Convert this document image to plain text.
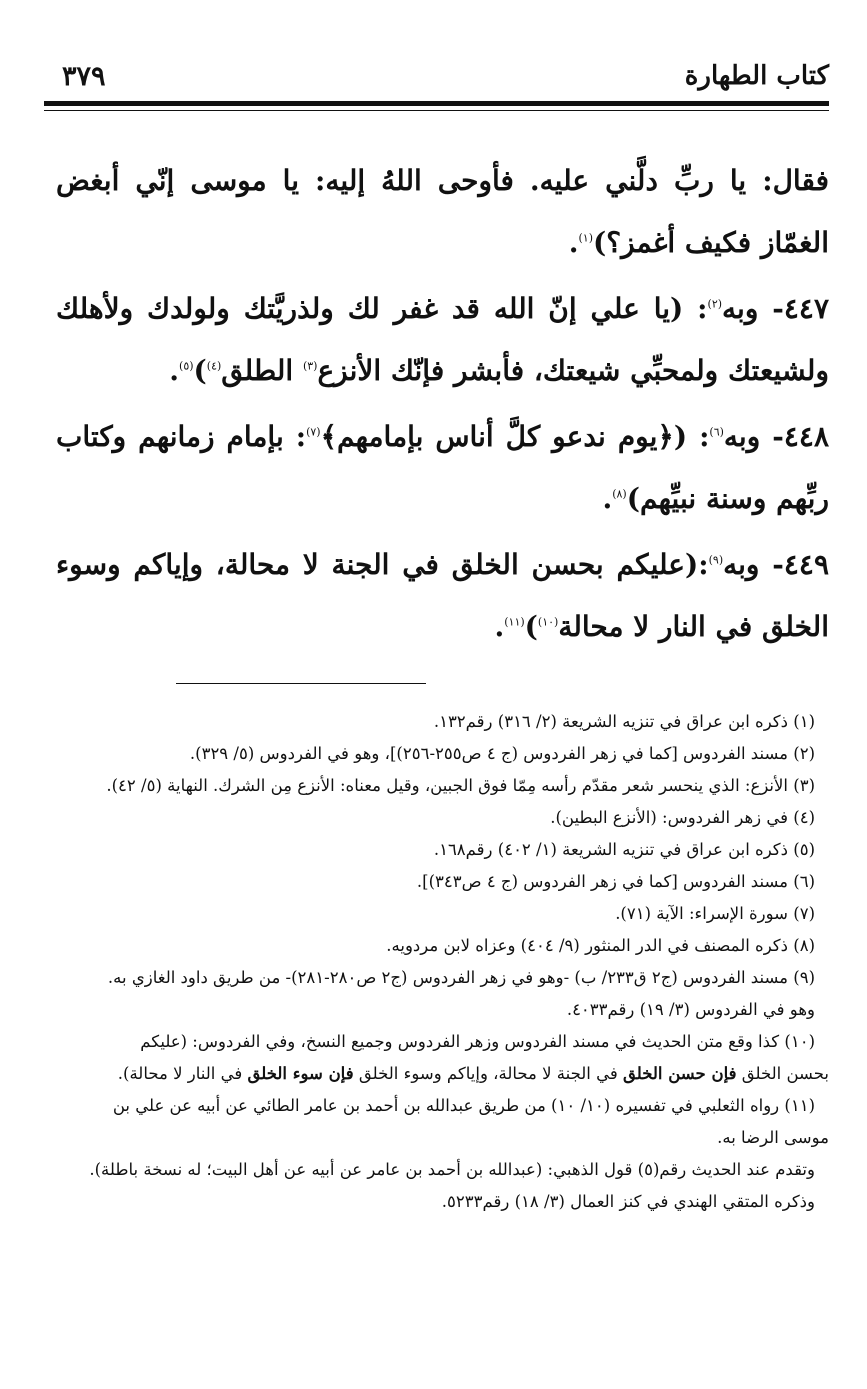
كتاب الطهارة
٣٧٩

فقال: يا ربِّ دلَّني عليه. فأوحى اللهُ إليه: يا موسى إنّي أبغض الغمّاز فكيف أغمز؟)$^{(١)}$.

٤٤٧- وبه$^{(٢)}$: (يا علي إنّ الله قد غفر لك ولذريَّتك ولولدك ولأهلك ولشيعتك ولمحبِّي شيعتك، فأبشر فإنّك الأنزع$^{(٣)}$ الطلق$^{(٤)}$)$^{(٥)}$.

٤٤٨- وبه$^{(٦)}$: (﴿يوم ندعو كلَّ أناس بإمامهم﴾$^{(٧)}$: بإمام زمانهم وكتاب ربِّهم وسنة نبيِّهم)$^{(٨)}$.

٤٤٩- وبه$^{(٩)}$:(عليكم بحسن الخلق في الجنة لا محالة، وإياكم وسوء الخلق في النار لا محالة$^{(١٠)}$)$^{(١١)}$.

(١) ذكره ابن عراق في تنزيه الشريعة (٢/ ٣١٦) رقم١٣٢.
(٢) مسند الفردوس [كما في زهر الفردوس (ج ٤ ص٢٥٥-٢٥٦)]، وهو في الفردوس (٥/ ٣٢٩).
(٣) الأنزع: الذي ينحسر شعر مقدّم رأسه مِمّا فوق الجبين، وقيل معناه: الأنزع مِن الشرك. النهاية (٥/ ٤٢).
(٤) في زهر الفردوس: (الأنزع البطين).
(٥) ذكره ابن عراق في تنزيه الشريعة (١/ ٤٠٢) رقم١٦٨.
(٦) مسند الفردوس [كما في زهر الفردوس (ج ٤ ص٣٤٣)].
(٧) سورة الإسراء: الآية (٧١).
(٨) ذكره المصنف في الدر المنثور (٩/ ٤٠٤) وعزاه لابن مردويه.
(٩) مسند الفردوس (ج٢ ق٢٣٣/ ب) -وهو في زهر الفردوس (ج٢ ص٢٨٠-٢٨١)- من طريق داود الغازي به.
وهو في الفردوس (٣/ ١٩) رقم٤٠٣٣.
(١٠) كذا وقع متن الحديث في مسند الفردوس وزهر الفردوس وجميع النسخ، وفي الفردوس: (عليكم
بحسن الخلق فإن حسن الخلق في الجنة لا محالة، وإياكم وسوء الخلق فإن سوء الخلق في النار لا محالة).
(١١) رواه الثعلبي في تفسيره (١٠/ ١٠) من طريق عبدالله بن أحمد بن عامر الطائي عن أبيه عن علي بن
موسى الرضا به.
وتقدم عند الحديث رقم(٥) قول الذهبي: (عبدالله بن أحمد بن عامر عن أبيه عن أهل البيت؛ له نسخة باطلة).
وذكره المتقي الهندي في كنز العمال (٣/ ١٨) رقم٥٢٣٣.
